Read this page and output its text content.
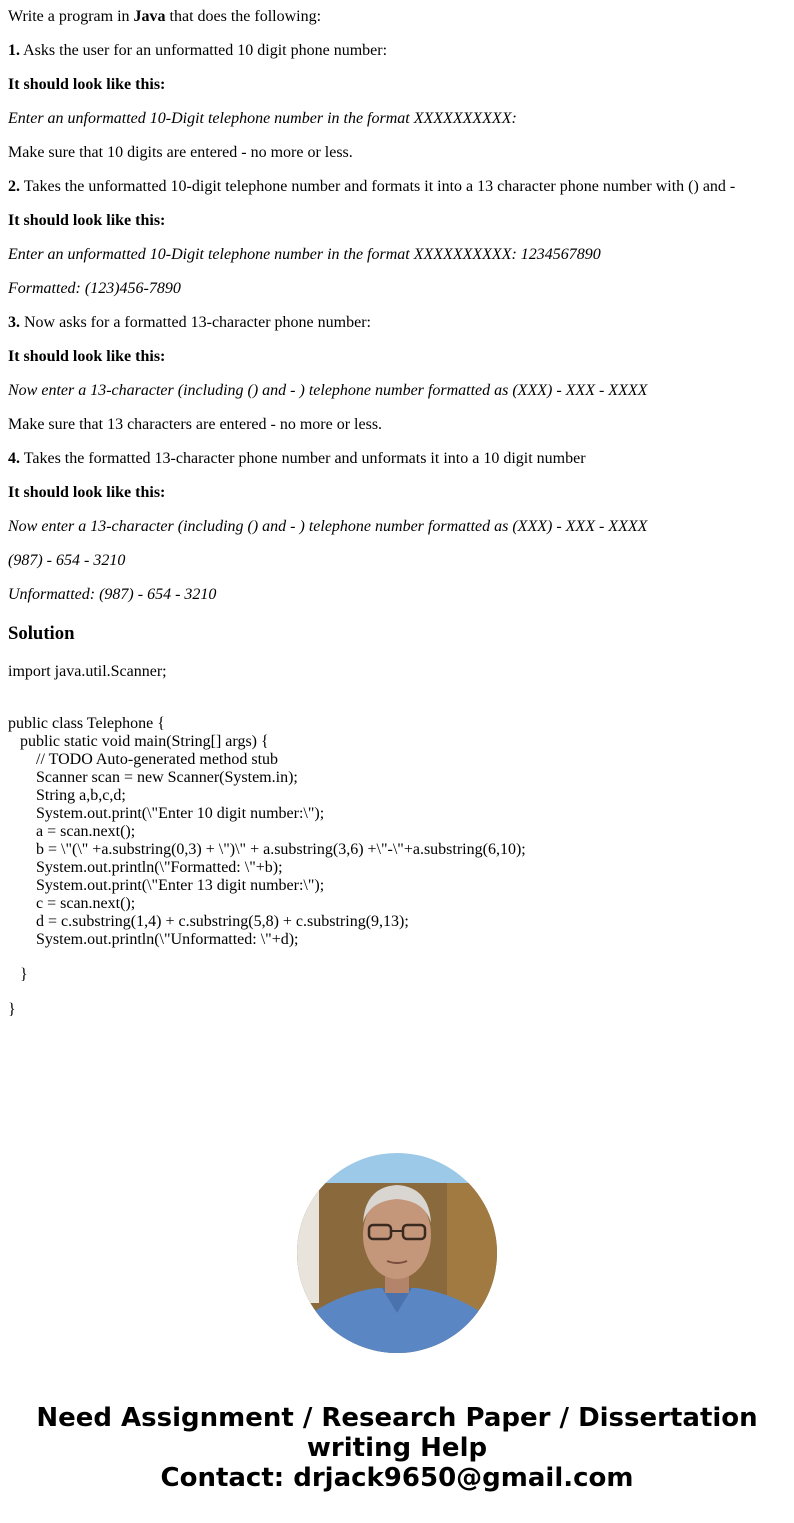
Write a program in Java that does the following:

1. Asks the user for an unformatted 10 digit phone number:

It should look like this:

Enter an unformatted 10-Digit telephone number in the format XXXXXXXXXX:

Make sure that 10 digits are entered - no more or less.

2. Takes the unformatted 10-digit telephone number and formats it into a 13 character phone number with () and -

It should look like this:

Enter an unformatted 10-Digit telephone number in the format XXXXXXXXXX: 1234567890

Formatted: (123)456-7890

3. Now asks for a formatted 13-character phone number:

It should look like this:

Now enter a 13-character (including () and - ) telephone number formatted as (XXX) - XXX - XXXX

Make sure that 13 characters are entered - no more or less.

4. Takes the formatted 13-character phone number and unformats it into a 10 digit number

It should look like this:

Now enter a 13-character (including () and - ) telephone number formatted as (XXX) - XXX - XXXX

(987) - 654 - 3210

Unformatted: (987) - 654 - 3210

Solution
import java.util.Scanner;
public class Telephone {
public static void main(String[] args) {
// TODO Auto-generated method stub
Scanner scan = new Scanner(System.in);
String a,b,c,d;
System.out.print(\"Enter 10 digit number:\");
a = scan.next();
b = \"(\" +a.substring(0,3) + \")\" + a.substring(3,6) +\"-\"+a.substring(6,10);
System.out.println(\"Formatted: \"+b);
System.out.print(\"Enter 13 digit number:\");
c = scan.next();
d = c.substring(1,4) + c.substring(5,8) + c.substring(9,13);
System.out.println(\"Unformatted: \"+d);
}
}
Need Assignment / Research Paper / Dissertation
writing Help
Contact: drjack9650@gmail.com
